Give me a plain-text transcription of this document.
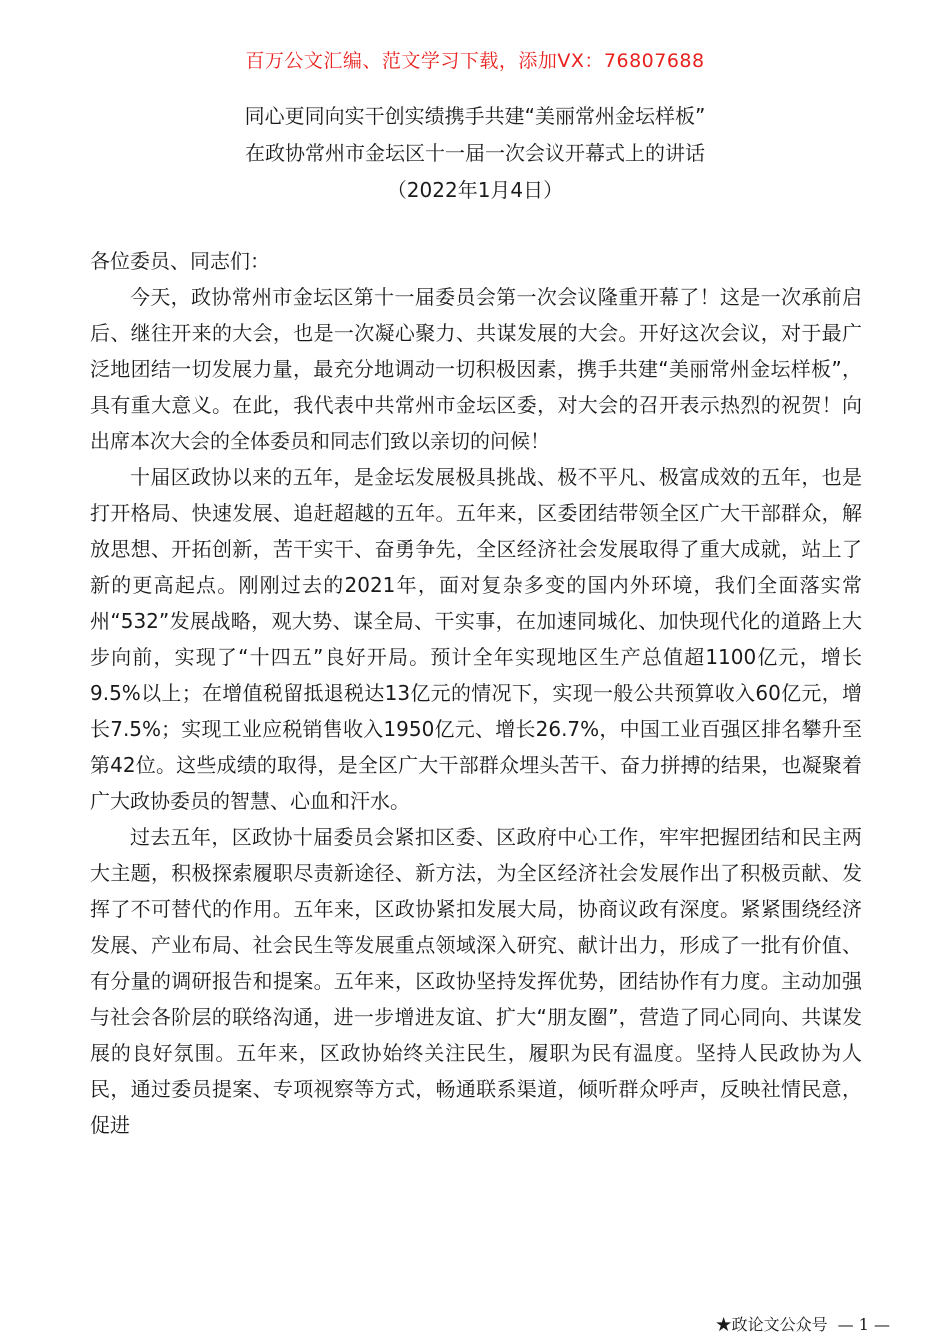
百万公文汇编、范文学习下载，添加VX：76807688
同心更同向实干创实绩携手共建“美丽常州金坛样板”
在政协常州市金坛区十一届一次会议开幕式上的讲话
（2022年1月4日）

各位委员、同志们：

今天，政协常州市金坛区第十一届委员会第一次会议隆重开幕了！这是一次承前启后、继往开来的大会，也是一次凝心聚力、共谋发展的大会。开好这次会议，对于最广泛地团结一切发展力量，最充分地调动一切积极因素，携手共建“美丽常州金坛样板”，具有重大意义。在此，我代表中共常州市金坛区委，对大会的召开表示热烈的祝贺！向出席本次大会的全体委员和同志们致以亲切的问候！

十届区政协以来的五年，是金坛发展极具挑战、极不平凡、极富成效的五年，也是打开格局、快速发展、追赶超越的五年。五年来，区委团结带领全区广大干部群众，解放思想、开拓创新，苦干实干、奋勇争先，全区经济社会发展取得了重大成就，站上了新的更高起点。刚刚过去的2021年，面对复杂多变的国内外环境，我们全面落实常州“532”发展战略，观大势、谋全局、干实事，在加速同城化、加快现代化的道路上大步向前，实现了“十四五”良好开局。预计全年实现地区生产总值超1100亿元，增长9.5%以上；在增值税留抵退税达13亿元的情况下，实现一般公共预算收入60亿元，增长7.5%；实现工业应税销售收入1950亿元、增长26.7%，中国工业百强区排名攀升至第42位。这些成绩的取得，是全区广大干部群众埋头苦干、奋力拼搏的结果，也凝聚着广大政协委员的智慧、心血和汗水。

过去五年，区政协十届委员会紧扣区委、区政府中心工作，牢牢把握团结和民主两大主题，积极探索履职尽责新途径、新方法，为全区经济社会发展作出了积极贡献、发挥了不可替代的作用。五年来，区政协紧扣发展大局，协商议政有深度。紧紧围绕经济发展、产业布局、社会民生等发展重点领域深入研究、献计出力，形成了一批有价值、有分量的调研报告和提案。五年来，区政协坚持发挥优势，团结协作有力度。主动加强与社会各阶层的联络沟通，进一步增进友谊、扩大“朋友圈”，营造了同心同向、共谋发展的良好氛围。五年来，区政协始终关注民生，履职为民有温度。坚持人民政协为人民，通过委员提案、专项视察等方式，畅通联系渠道，倾听群众呼声，反映社情民意，促进

★政论文公众号 — 1 —
